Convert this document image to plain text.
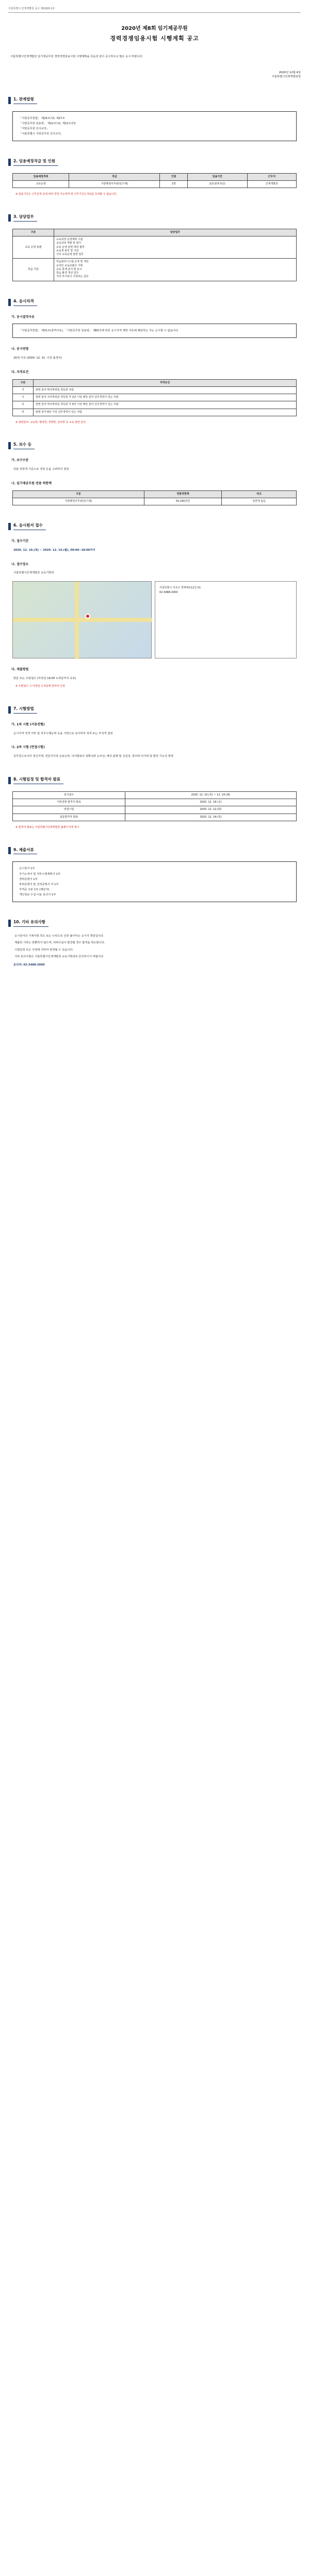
서울특별시 인재개발원 공고 제2020-1호
2020년 제8회 임기제공무원
경력경쟁임용시험 시행계획 공고

서울특별시인재개발원 임기제공무원 경력경쟁임용시험 시행계획을 다음과 같이 공고하오니 많은 응시 바랍니다.

2020년 12월 4일
서울특별시인재개발원장
1. 관계법령
「지방공무원법」 제25조의3, 제27조
「지방공무원 임용령」 제21조의2, 제21조의3
「지방공무원 인사규칙」
「서울특별시 지방공무원 인사규칙」
2. 임용예정직급 및 인원
임용예정직위	직급	인원	임용기간	근무지
교육운영	지방행정사무관(임기제)	1명	2년(최대 5년)	인재개발원

※ 임용기간은 근무실적 등에 따라 연장 가능하며 총 근무기간은 5년을 초과할 수 없습니다.

3. 담당업무
구분	담당업무
교육 운영 총괄	교육과정 운영계획 수립
교육과정 개발 및 평가
교육 운영 관련 대외 협력
교육생 관리 및 지원
기타 교육운영 관련 업무

학습 지원	학습관리시스템 운영 및 개선
온라인 교육콘텐츠 기획
교육 통계 분석 및 보고
학습 환경 개선 업무
기타 부서장이 지정하는 업무
4. 응시자격
가. 응시결격사유
「지방공무원법」 제31조(결격사유), 「지방공무원 임용령」 제65조에 따른 응시자격 제한 사유에 해당하는 자는 응시할 수 없습니다.
나. 응시연령

20세 이상 (2000. 12. 31. 이전 출생자)

다. 자격요건
구분	자격요건
가	관련 분야 박사학위를 취득한 사람
나	관련 분야 석사학위를 취득한 후 2년 이상 해당 분야 실무경력이 있는 사람
다	관련 분야 학사학위를 취득한 후 4년 이상 해당 분야 실무경력이 있는 사람
라	관련 분야 8년 이상 실무경력이 있는 사람

※ 관련분야: 교육학, 행정학, 경영학, 심리학 등 교육 관련 분야

5. 보수 등
가. 보수수준

연봉 하한액 기준으로 경력 등을 고려하여 결정

나. 임기제공무원 연봉 하한액
구분	연봉하한액	비고
지방행정사무관(임기제)	50,295천원	상한액 없음
6. 응시원서 접수
가. 접수기간

2020. 12. 10.(목) ~ 2020. 12. 14.(월), 09:00~18:00까지

나. 접수장소

서울특별시인재개발원 교육기획과

서울특별시 서초구 양재대로12길 51
02-3488-2000
다. 제출방법

방문 또는 우편접수 (마감일 18:00 도착분까지 유효)

※ 우편접수 시 마감일 도착분에 한하여 인정

7. 시험방법
가. 1차 시험 (서류전형)

응시자격 적격 여부 및 직무수행능력 등을 서면으로 심사하여 적격 또는 부적격 결정

나. 2차 시험 (면접시험)

공무원으로서의 정신자세, 전문지식과 응용능력, 의사발표의 정확성과 논리성, 예의·품행 및 성실성, 창의력·의지력 및 발전 가능성 평정

8. 시험일정 및 합격자 발표
원서접수	2020. 12. 10.(목) ~ 12. 14.(월)
서류전형 합격자 발표	2020. 12. 18.(금)
면접시험	2020. 12. 22.(화)
최종합격자 발표	2020. 12. 24.(목)

※ 합격자 발표는 서울특별시인재개발원 홈페이지에 게시

9. 제출서류
응시원서 1부
자기소개서 및 직무수행계획서 1부
경력증명서 1부
학위증명서 및 성적증명서 각 1부
자격증 사본 1부 (해당자)
개인정보 수집·이용 동의서 1부
10. 기타 유의사항
응시원서의 기재사항 착오 또는 누락으로 인한 불이익은 응시자 책임입니다.
제출된 서류는 반환하지 않으며, 허위사실이 발견될 경우 합격을 취소합니다.
시험일정 등은 사정에 의하여 변경될 수 있습니다.
기타 문의사항은 서울특별시인재개발원 교육기획과로 문의하시기 바랍니다.

문의처: 02-3488-2000
